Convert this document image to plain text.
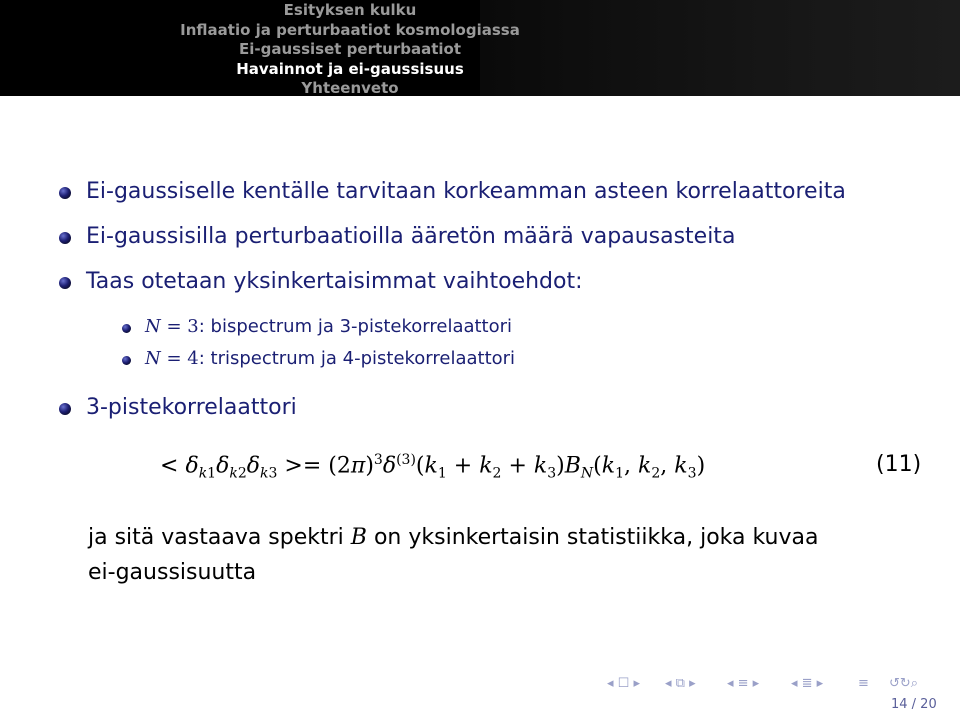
Esityksen kulku
Inflaatio ja perturbaatiot kosmologiassa
Ei-gaussiset perturbaatiot
Havainnot ja ei-gaussisuus
Yhteenveto
Ei-gaussiselle kentälle tarvitaan korkeamman asteen korrelaattoreita
Ei-gaussisilla perturbaatioilla ääretön määrä vapausasteita
Taas otetaan yksinkertaisimmat vaihtoehdot:
N = 3: bispectrum ja 3-pistekorrelaattori
N = 4: trispectrum ja 4-pistekorrelaattori
3-pistekorrelaattori
< $\delta_{k1}\delta_{k2}\delta_{k3} >= (2\pi)^3\delta^{(3)}(k_1 + k_2 + k_3)B_N(k_1$, $k_2$, $k_3$)	(11)
ja sitä vastaava spektri B on yksinkertaisin statistiikka, joka kuvaa
ei-gaussisuutta
◂ ☐ ▸ ◂ ⧉ ▸ ◂ ≡ ▸ ◂ ≣ ▸	≡ ↺↻⌕
14 / 20
